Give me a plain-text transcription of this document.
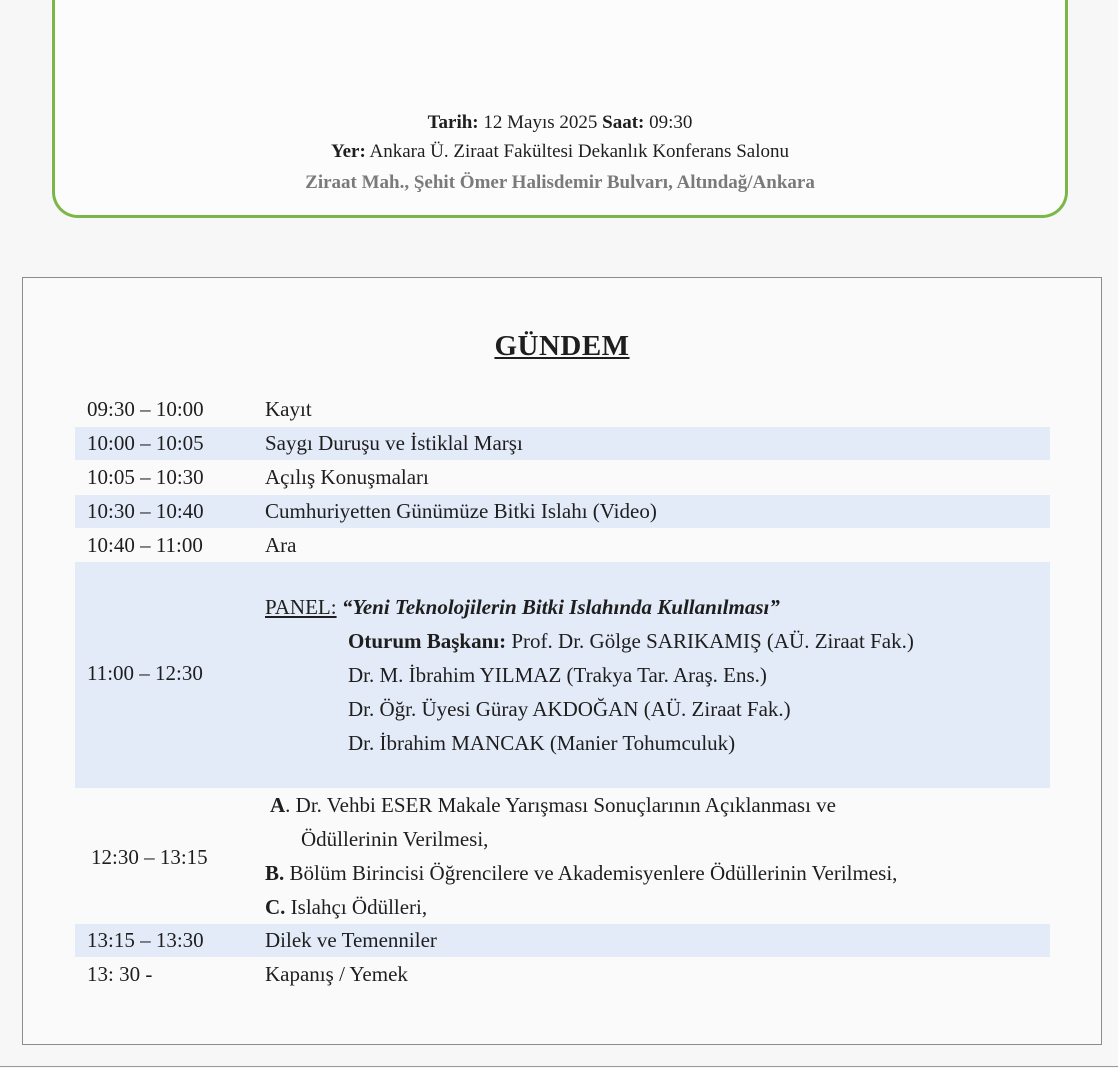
Tarih: 12 Mayıs 2025 Saat: 09:30
Yer: Ankara Ü. Ziraat Fakültesi Dekanlık Konferans Salonu
Ziraat Mah., Şehit Ömer Halisdemir Bulvarı, Altındağ/Ankara
GÜNDEM
09:30 – 10:00	Kayıt
10:00 – 10:05	Saygı Duruşu ve İstiklal Marşı
10:05 – 10:30	Açılış Konuşmaları
10:30 – 10:40	Cumhuriyetten Günümüze Bitki Islahı (Video)
10:40 – 11:00	Ara
11:00 – 12:30
PANEL: “Yeni Teknolojilerin Bitki Islahında Kullanılması”
Oturum Başkanı: Prof. Dr. Gölge SARIKAMIŞ (AÜ. Ziraat Fak.)
Dr. M. İbrahim YILMAZ (Trakya Tar. Araş. Ens.)
Dr. Öğr. Üyesi Güray AKDOĞAN (AÜ. Ziraat Fak.)
Dr. İbrahim MANCAK (Manier Tohumculuk)
12:30 – 13:15
A. Dr. Vehbi ESER Makale Yarışması Sonuçlarının Açıklanması ve
Ödüllerinin Verilmesi,
B. Bölüm Birincisi Öğrencilere ve Akademisyenlere Ödüllerinin Verilmesi,
C. Islahçı Ödülleri,
13:15 – 13:30	Dilek ve Temenniler
13: 30 -	Kapanış / Yemek
